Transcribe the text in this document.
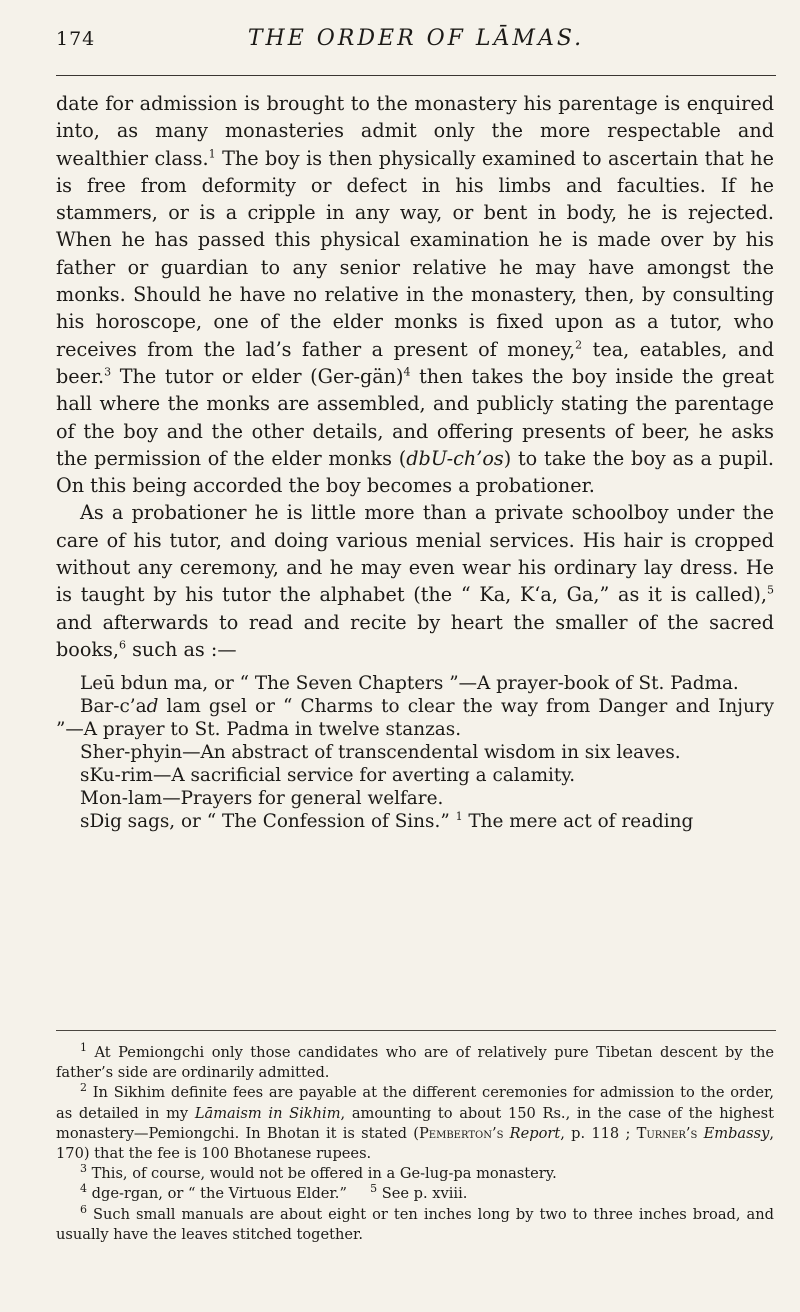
174	THE ORDER OF LĀMAS.

date for admission is brought to the monastery his parentage is enquired into, as many monasteries admit only the more respectable and wealthier class.$^1$ The boy is then physically examined to ascertain that he is free from deformity or defect in his limbs and faculties. If he stammers, or is a cripple in any way, or bent in body, he is rejected. When he has passed this physical examination he is made over by his father or guardian to any senior relative he may have amongst the monks. Should he have no relative in the monastery, then, by consulting his horoscope, one of the elder monks is fixed upon as a tutor, who receives from the lad’s father a present of money,$^2$ tea, eatables, and beer.$^3$ The tutor or elder (Ger-gän)$^4$ then takes the boy inside the great hall where the monks are assembled, and publicly stating the parentage of the boy and the other details, and offering presents of beer, he asks the permission of the elder monks (dbU-ch’os) to take the boy as a pupil. On this being accorded the boy becomes a probationer.

As a probationer he is little more than a private schoolboy under the care of his tutor, and doing various menial services. His hair is cropped without any ceremony, and he may even wear his ordinary lay dress. He is taught by his tutor the alphabet (the “ Ka, K‘a, Ga,” as it is called),$^5$ and afterwards to read and recite by heart the smaller of the sacred books,$^6$ such as :—

Leū bdun ma, or “ The Seven Chapters ”—A prayer-book of St. Padma.
Bar-c’ad lam gsel or “ Charms to clear the way from Danger and Injury ”—A prayer to St. Padma in twelve stanzas.
Sher-phyin—An abstract of transcendental wisdom in six leaves.
sKu-rim—A sacrificial service for averting a calamity.
Mon-lam—Prayers for general welfare.
sDig sags, or “ The Confession of Sins.” $^1$ The mere act of reading

$^1$ At Pemiongchi only those candidates who are of relatively pure Tibetan descent by the father’s side are ordinarily admitted.

$^2$ In Sikhim definite fees are payable at the different ceremonies for admission to the order, as detailed in my Lāmaism in Sikhim, amounting to about 150 Rs., in the case of the highest monastery—Pemiongchi. In Bhotan it is stated (Pemberton’s Report, p. 118 ; Turner’s Embassy, 170) that the fee is 100 Bhotanese rupees.

$^3$ This, of course, would not be offered in a Ge-lug-pa monastery.

$^4$ dge-rgan, or “ the Virtuous Elder.” $^5$ See p. xviii.

$^6$ Such small manuals are about eight or ten inches long by two to three inches broad, and usually have the leaves stitched together.
